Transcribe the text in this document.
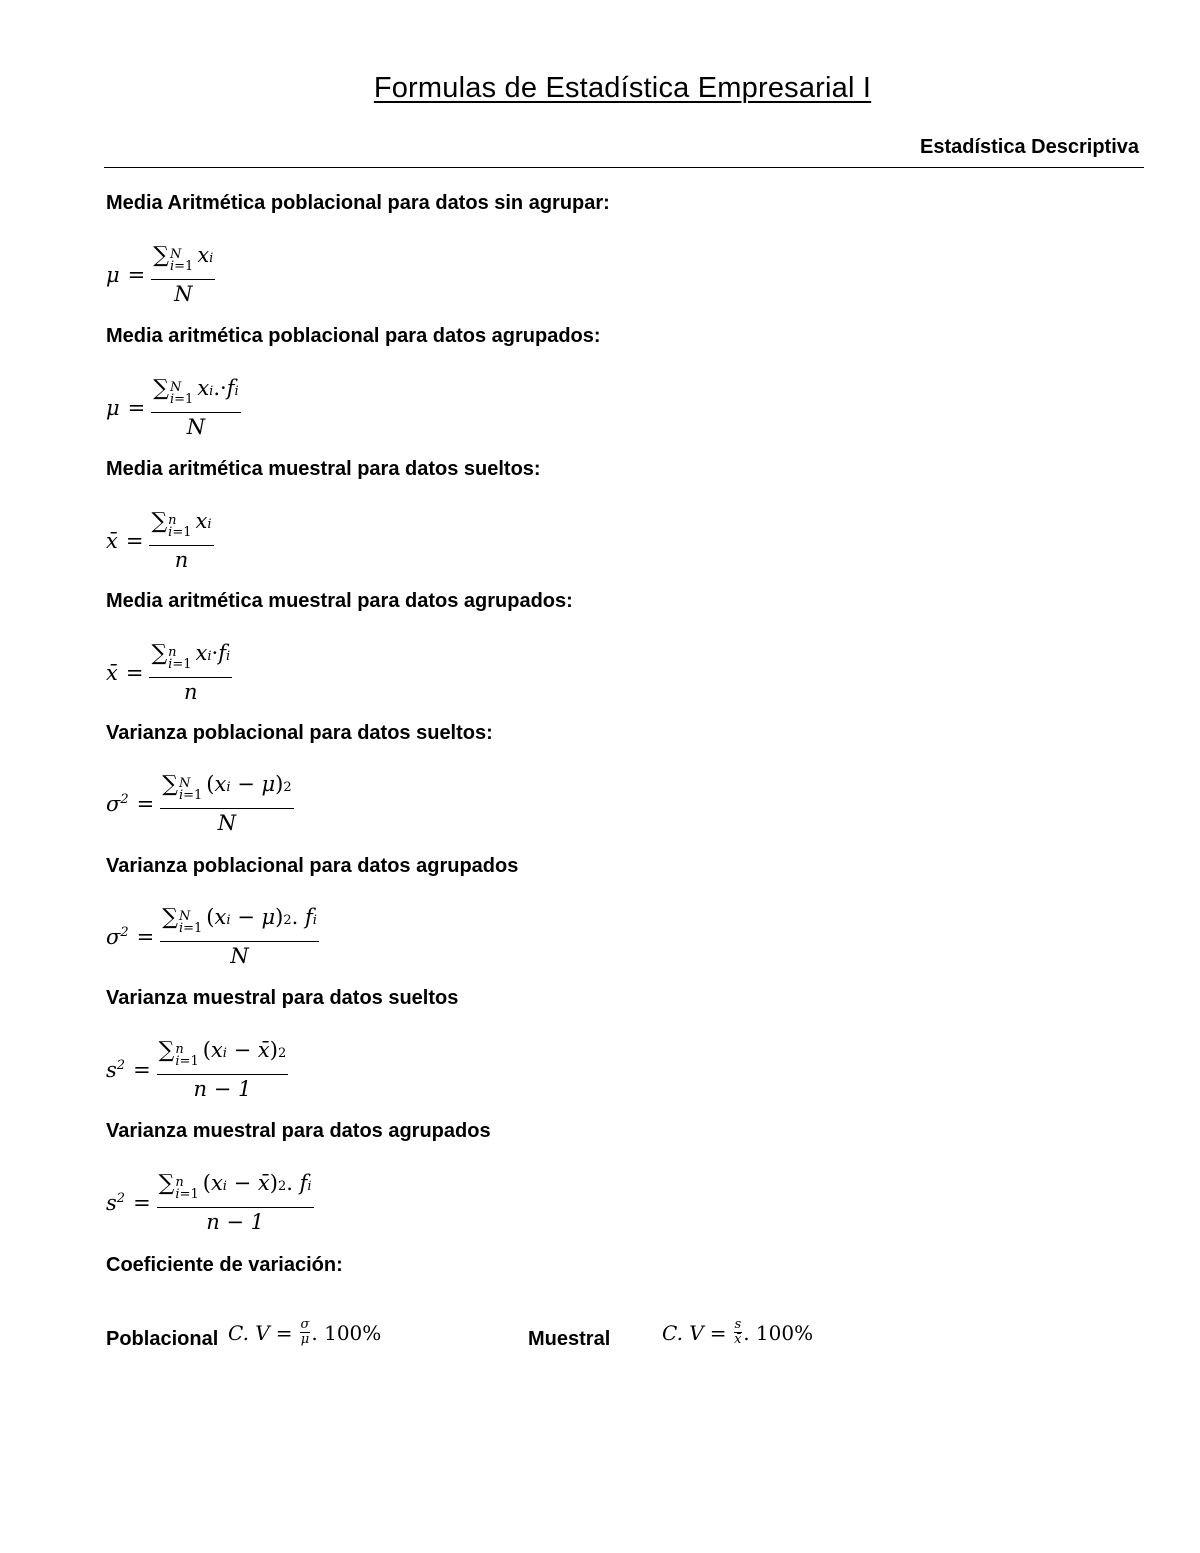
Formulas de Estadística Empresarial I
Estadística Descriptiva
Media Aritmética poblacional para datos sin agrupar:
μ = ∑ N
i=1 x i
N
Media aritmética poblacional para datos agrupados:
μ = ∑ N
i=1 x i .· f i
N
Media aritmética muestral para datos sueltos:
x̄ = ∑ n
i=1 x i
n
Media aritmética muestral para datos agrupados:
x̄ = ∑ n
i=1 x i · f i
n
Varianza poblacional para datos sueltos:
$\sigma^2$ = ∑ N
i=1 ( x i − μ ) 2
N
Varianza poblacional para datos agrupados
$\sigma^2$ = ∑ N
i=1 ( x i − μ ) 2 . f i
N
Varianza muestral para datos sueltos
$s^2$ = ∑ n
i=1 ( x i − x̄ ) 2
n − 1
Varianza muestral para datos agrupados
$s^2$ = ∑ n
i=1 ( x i − x̄ ) 2 . f i
n − 1
Coeficiente de variación:
Poblacional C. $V = \frac{\sigma}{\mu}$ . 100%	Muestral	C. $V = \frac{s}{x̄}$ . 100%
